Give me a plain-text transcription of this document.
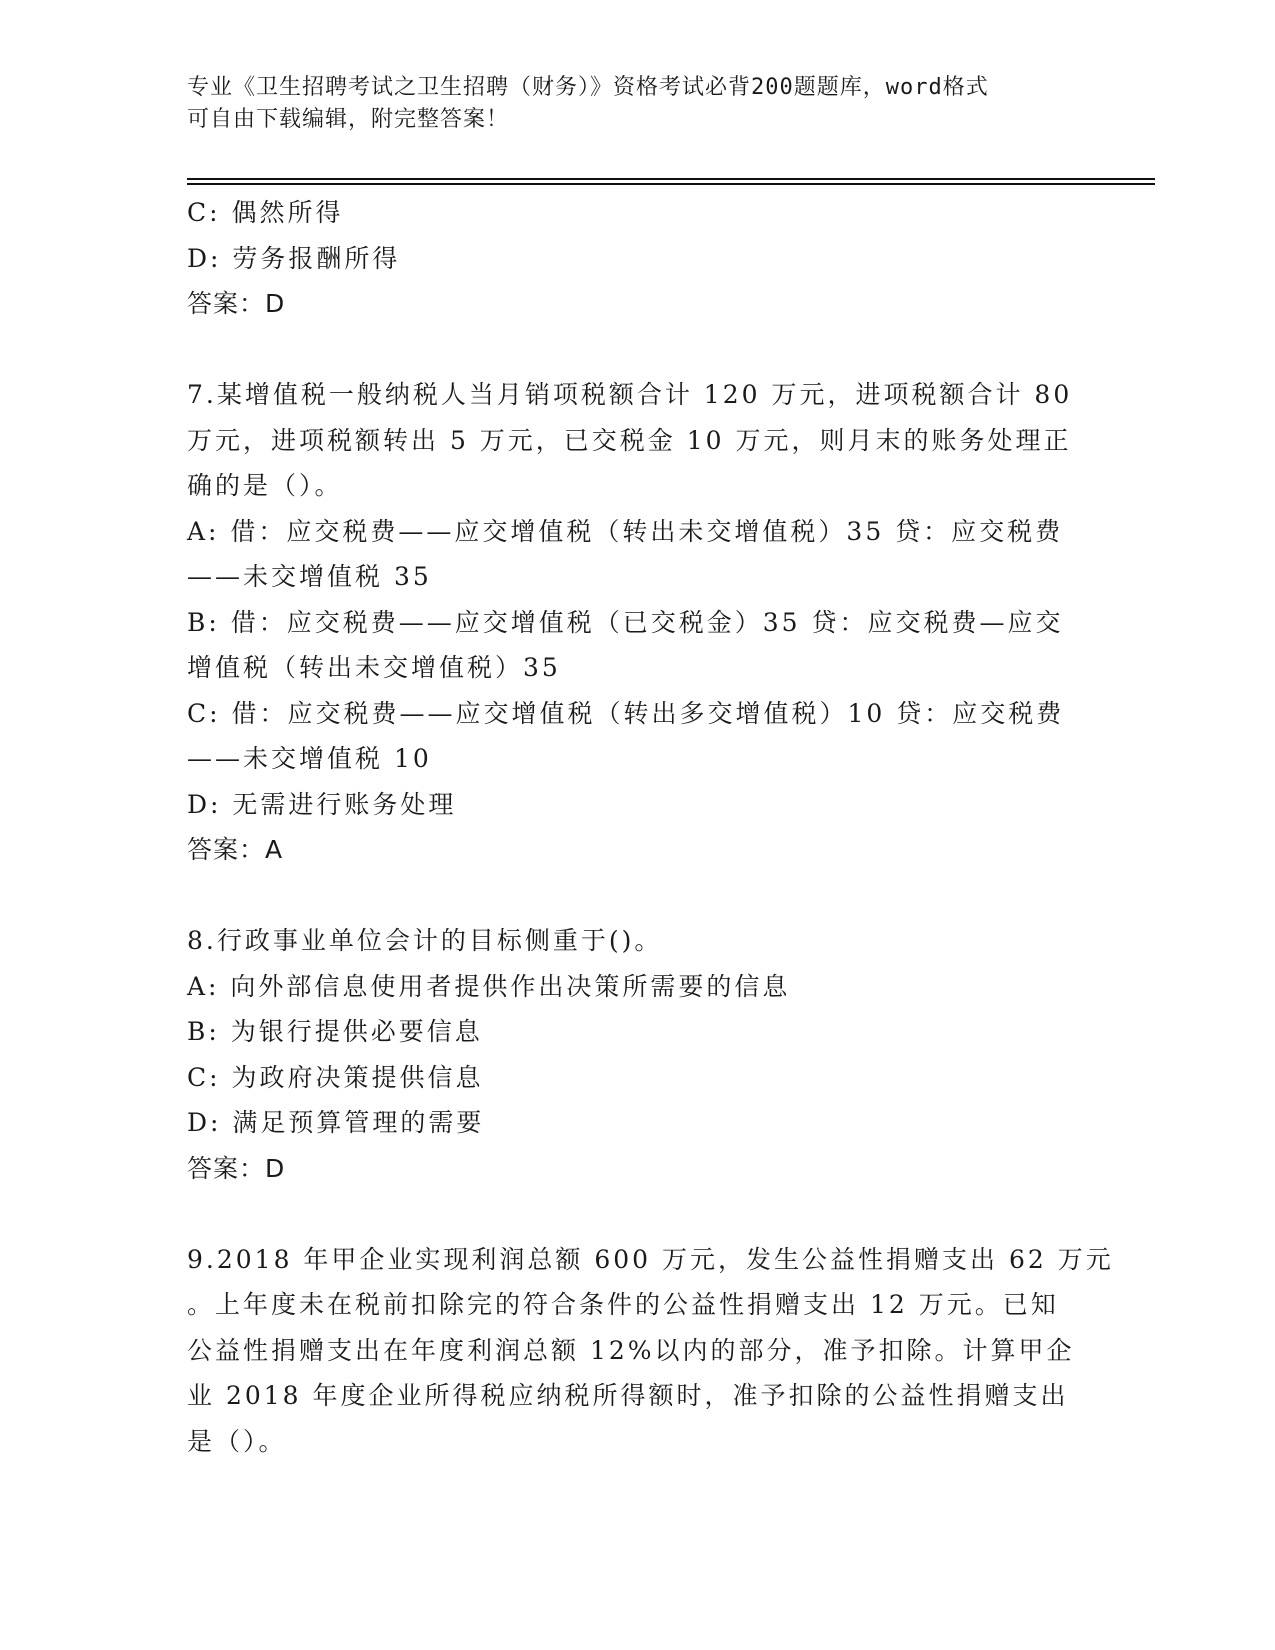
专业《卫生招聘考试之卫生招聘（财务）》资格考试必背200题题库，word格式
可自由下载编辑，附完整答案！
C: 偶然所得
D: 劳务报酬所得
答案：D
7.某增值税一般纳税人当月销项税额合计 120 万元，进项税额合计 80
万元，进项税额转出 5 万元，已交税金 10 万元，则月末的账务处理正
确的是（）。
A: 借：应交税费——应交增值税（转出未交增值税）35 贷：应交税费
——未交增值税 35
B: 借：应交税费——应交增值税（已交税金）35 贷：应交税费—应交
增值税（转出未交增值税）35
C: 借：应交税费——应交增值税（转出多交增值税）10 贷：应交税费
——未交增值税 10
D: 无需进行账务处理
答案：A
8.行政事业单位会计的目标侧重于()。
A: 向外部信息使用者提供作出决策所需要的信息
B: 为银行提供必要信息
C: 为政府决策提供信息
D: 满足预算管理的需要
答案：D
9.2018 年甲企业实现利润总额 600 万元，发生公益性捐赠支出 62 万元
。上年度未在税前扣除完的符合条件的公益性捐赠支出 12 万元。已知
公益性捐赠支出在年度利润总额 12%以内的部分，准予扣除。计算甲企
业 2018 年度企业所得税应纳税所得额时，准予扣除的公益性捐赠支出
是（）。
